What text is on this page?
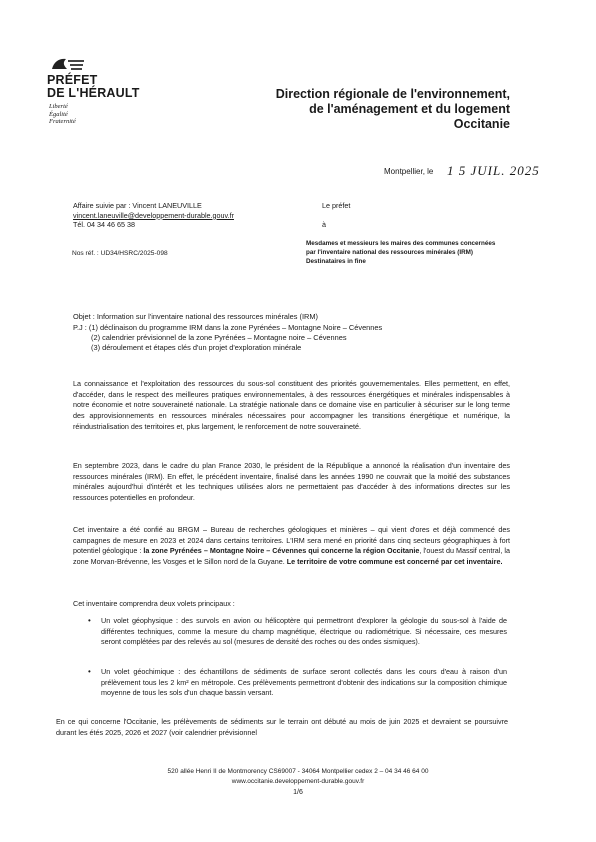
PRÉFET
DE L'HÉRAULT
Liberté
Égalité
Fraternité
Direction régionale de l'environnement,
de l'aménagement et du logement
Occitanie
Montpellier, le 1 5 JUIL. 2025
Affaire suivie par : Vincent LANEUVILLE
vincent.laneuville@developpement-durable.gouv.fr
Tél. 04 34 46 65 38
Le préfet
à
Mesdames et messieurs les maires des communes concernées par l'inventaire national des ressources minérales (IRM) Destinataires in fine
Nos réf. : UD34/HSRC/2025-098
Objet : Information sur l'inventaire national des ressources minérales (IRM)
P.J : (1) déclinaison du programme IRM dans la zone Pyrénées – Montagne Noire – Cévennes
(2) calendrier prévisionnel de la zone Pyrénées – Montagne noire – Cévennes
(3) déroulement et étapes clés d'un projet d'exploration minérale
La connaissance et l'exploitation des ressources du sous-sol constituent des priorités gouvernementales. Elles permettent, en effet, d'accéder, dans le respect des meilleures pratiques environnementales, à des ressources énergétiques et minérales indispensables à notre économie et notre souveraineté nationale. La stratégie nationale dans ce domaine vise en particulier à sécuriser sur le long terme des approvisionnements en ressources minérales nécessaires pour accompagner les transitions énergétique et numérique, la réindustrialisation des territoires et, plus largement, le renforcement de notre souveraineté.
En septembre 2023, dans le cadre du plan France 2030, le président de la République a annoncé la réalisation d'un inventaire des ressources minérales (IRM). En effet, le précédent inventaire, finalisé dans les années 1990 ne couvrait que la moitié des substances minérales aujourd'hui d'intérêt et les techniques utilisées alors ne permettaient pas d'accéder à des informations directes sur les ressources potentielles en profondeur.
Cet inventaire a été confié au BRGM – Bureau de recherches géologiques et minières – qui vient d'ores et déjà commencé des campagnes de mesure en 2023 et 2024 dans certains territoires. L'IRM sera mené en priorité dans cinq secteurs géographiques à fort potentiel géologique : la zone Pyrénées – Montagne Noire – Cévennes qui concerne la région Occitanie, l'ouest du Massif central, la zone Morvan-Brévenne, les Vosges et le Sillon nord de la Guyane. Le territoire de votre commune est concerné par cet inventaire.
Cet inventaire comprendra deux volets principaux :
• Un volet géophysique : des survols en avion ou hélicoptère qui permettront d'explorer la géologie du sous-sol à l'aide de différentes techniques, comme la mesure du champ magnétique, électrique ou radiométrique. Si nécessaire, ces mesures seront complétées par des relevés au sol (mesures de densité des roches ou des ondes sismiques).
• Un volet géochimique : des échantillons de sédiments de surface seront collectés dans les cours d'eau à raison d'un prélèvement tous les 2 km² en métropole. Ces prélèvements permettront d'obtenir des indications sur la composition chimique moyenne de tous les sols d'un chaque bassin versant.
En ce qui concerne l'Occitanie, les prélèvements de sédiments sur le terrain ont débuté au mois de juin 2025 et devraient se poursuivre durant les étés 2025, 2026 et 2027 (voir calendrier prévisionnel
520 allée Henri II de Montmorency CS69007 - 34064 Montpellier cedex 2 – 04 34 46 64 00
www.occitanie.developpement-durable.gouv.fr
1/6
